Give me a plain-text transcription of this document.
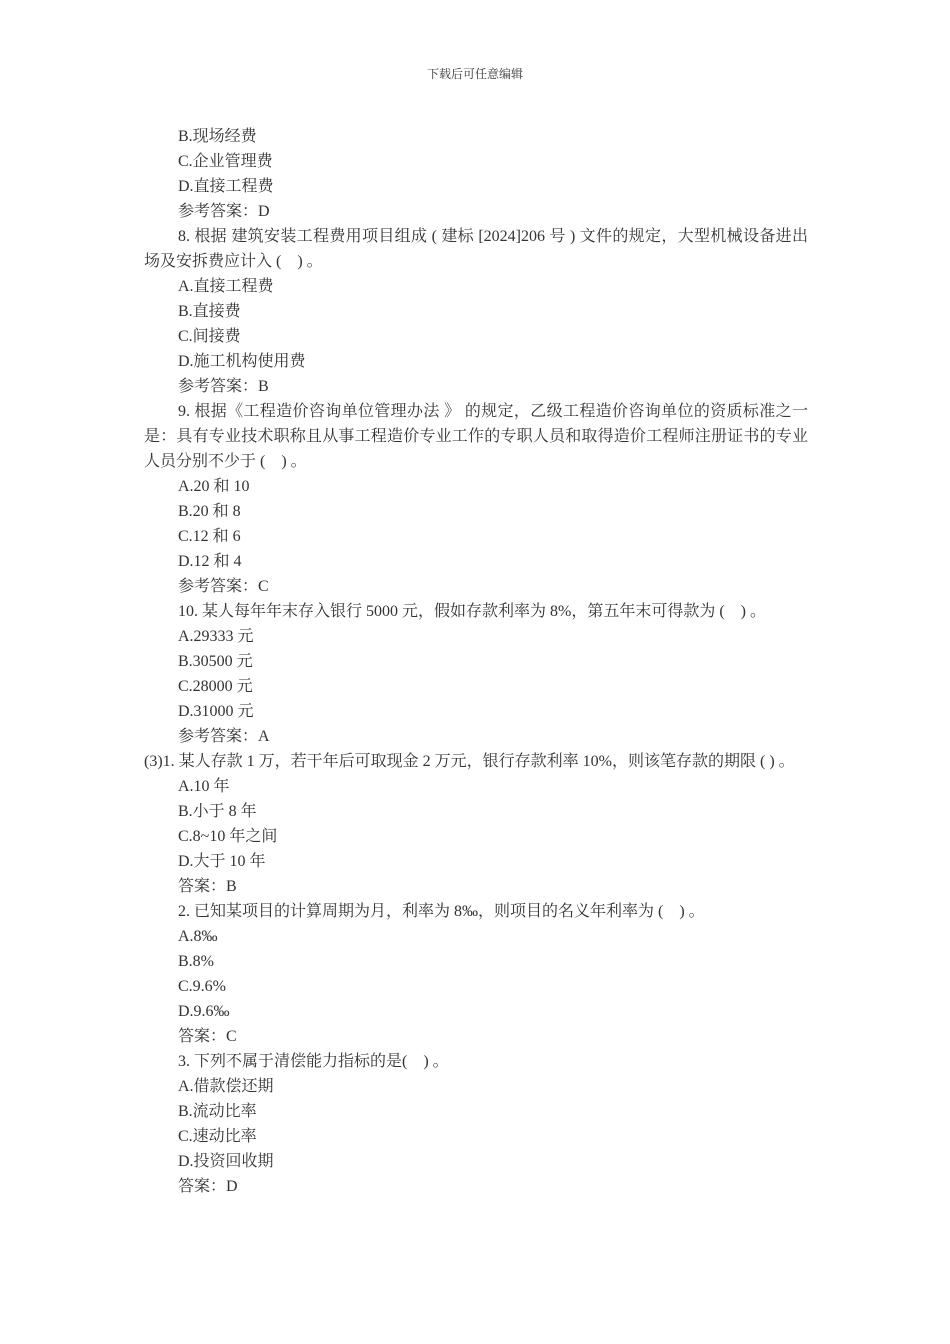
下载后可任意编辑
B.现场经费
C.企业管理费
D.直接工程费
参考答案：D
8. 根据 建筑安装工程费用项目组成 ( 建标 [2024]206 号 ) 文件的规定，大型机械设备进出场及安拆费应计入 (　) 。
A.直接工程费
B.直接费
C.间接费
D.施工机构使用费
参考答案：B
9. 根据《工程造价咨询单位管理办法 》 的规定，乙级工程造价咨询单位的资质标准之一是：具有专业技术职称且从事工程造价专业工作的专职人员和取得造价工程师注册证书的专业人员分别不少于 (　) 。
A.20 和 10
B.20 和 8
C.12 和 6
D.12 和 4
参考答案：C
10. 某人每年年末存入银行 5000 元，假如存款利率为 8%，第五年末可得款为 (　) 。
A.29333 元
B.30500 元
C.28000 元
D.31000 元
参考答案：A
(3)1. 某人存款 1 万，若干年后可取现金 2 万元，银行存款利率 10%，则该笔存款的期限 ( ) 。
A.10 年
B.小于 8 年
C.8~10 年之间
D.大于 10 年
答案：B
2. 已知某项目的计算周期为月，利率为 8‰，则项目的名义年利率为 (　) 。
A.8‰
B.8%
C.9.6%
D.9.6‰
答案：C
3. 下列不属于清偿能力指标的是(　) 。
A.借款偿还期
B.流动比率
C.速动比率
D.投资回收期
答案：D
